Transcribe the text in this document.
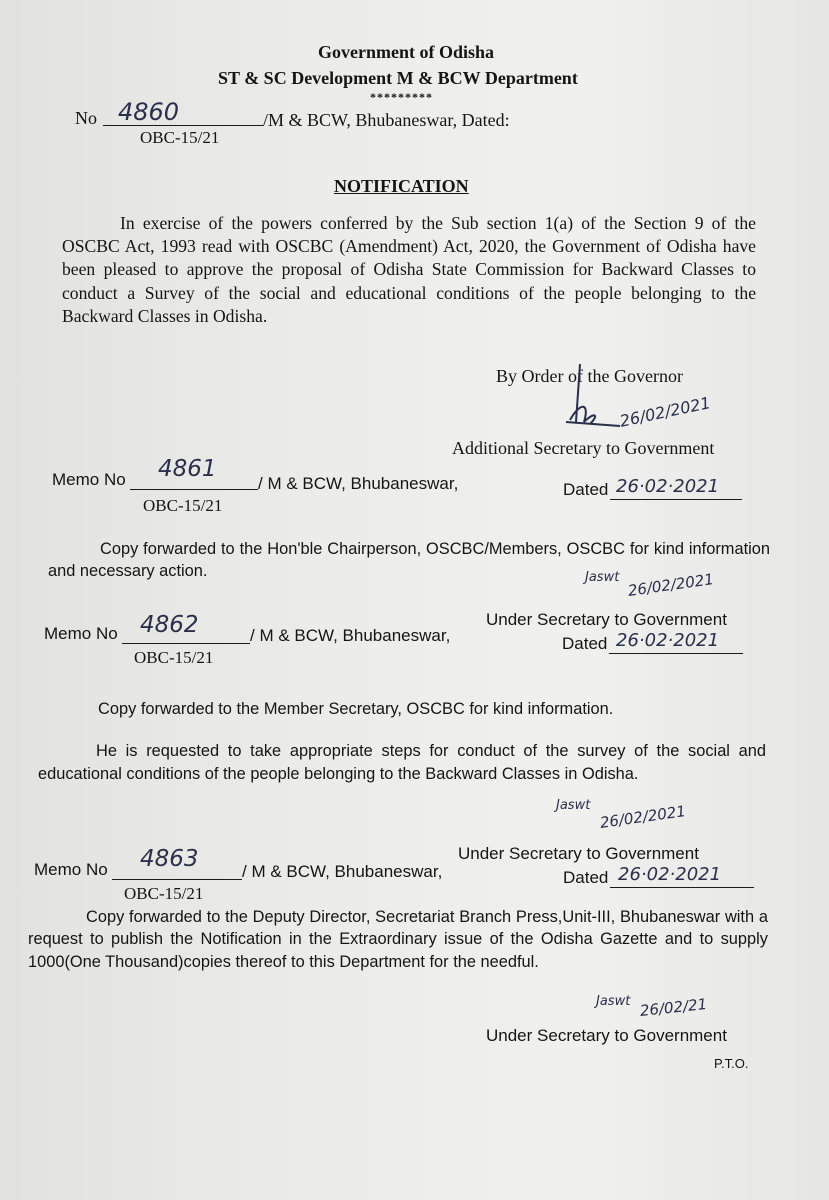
Government of Odisha
ST & SC Development M & BCW Department
*********
No 4860	/M & BCW, Bhubaneswar, Dated:
OBC-15/21
NOTIFICATION
In exercise of the powers conferred by the Sub section 1(a) of the Section 9 of the OSCBC Act, 1993 read with OSCBC (Amendment) Act, 2020, the Government of Odisha have been pleased to approve the proposal of Odisha State Commission for Backward Classes to conduct a Survey of the social and educational conditions of the people belonging to the Backward Classes in Odisha.
By Order of the Governor
26/02/2021
Additional Secretary to Government
Memo No 4861
/ M & BCW, Bhubaneswar,
OBC-15/21
Dated 26·02·2021
Copy forwarded to the Hon'ble Chairperson, OSCBC/Members, OSCBC for kind information and necessary action.	Jaswt 26/02/2021
Under Secretary to Government
Memo No 4862	/ M & BCW, Bhubaneswar,
OBC-15/21
Dated 26·02·2021
Copy forwarded to the Member Secretary, OSCBC for kind information.
He is requested to take appropriate steps for conduct of the survey of the social and educational conditions of the people belonging to the Backward Classes in Odisha.
Jaswt 26/02/2021
Under Secretary to Government
Memo No 4863	/ M & BCW, Bhubaneswar,
OBC-15/21
Dated 26·02·2021
Copy forwarded to the Deputy Director, Secretariat Branch Press,Unit-III, Bhubaneswar with a request to publish the Notification in the Extraordinary issue of the Odisha Gazette and to supply 1000(One Thousand)copies thereof to this Department for the needful.
Jaswt 26/02/21
Under Secretary to Government
P.T.O.
